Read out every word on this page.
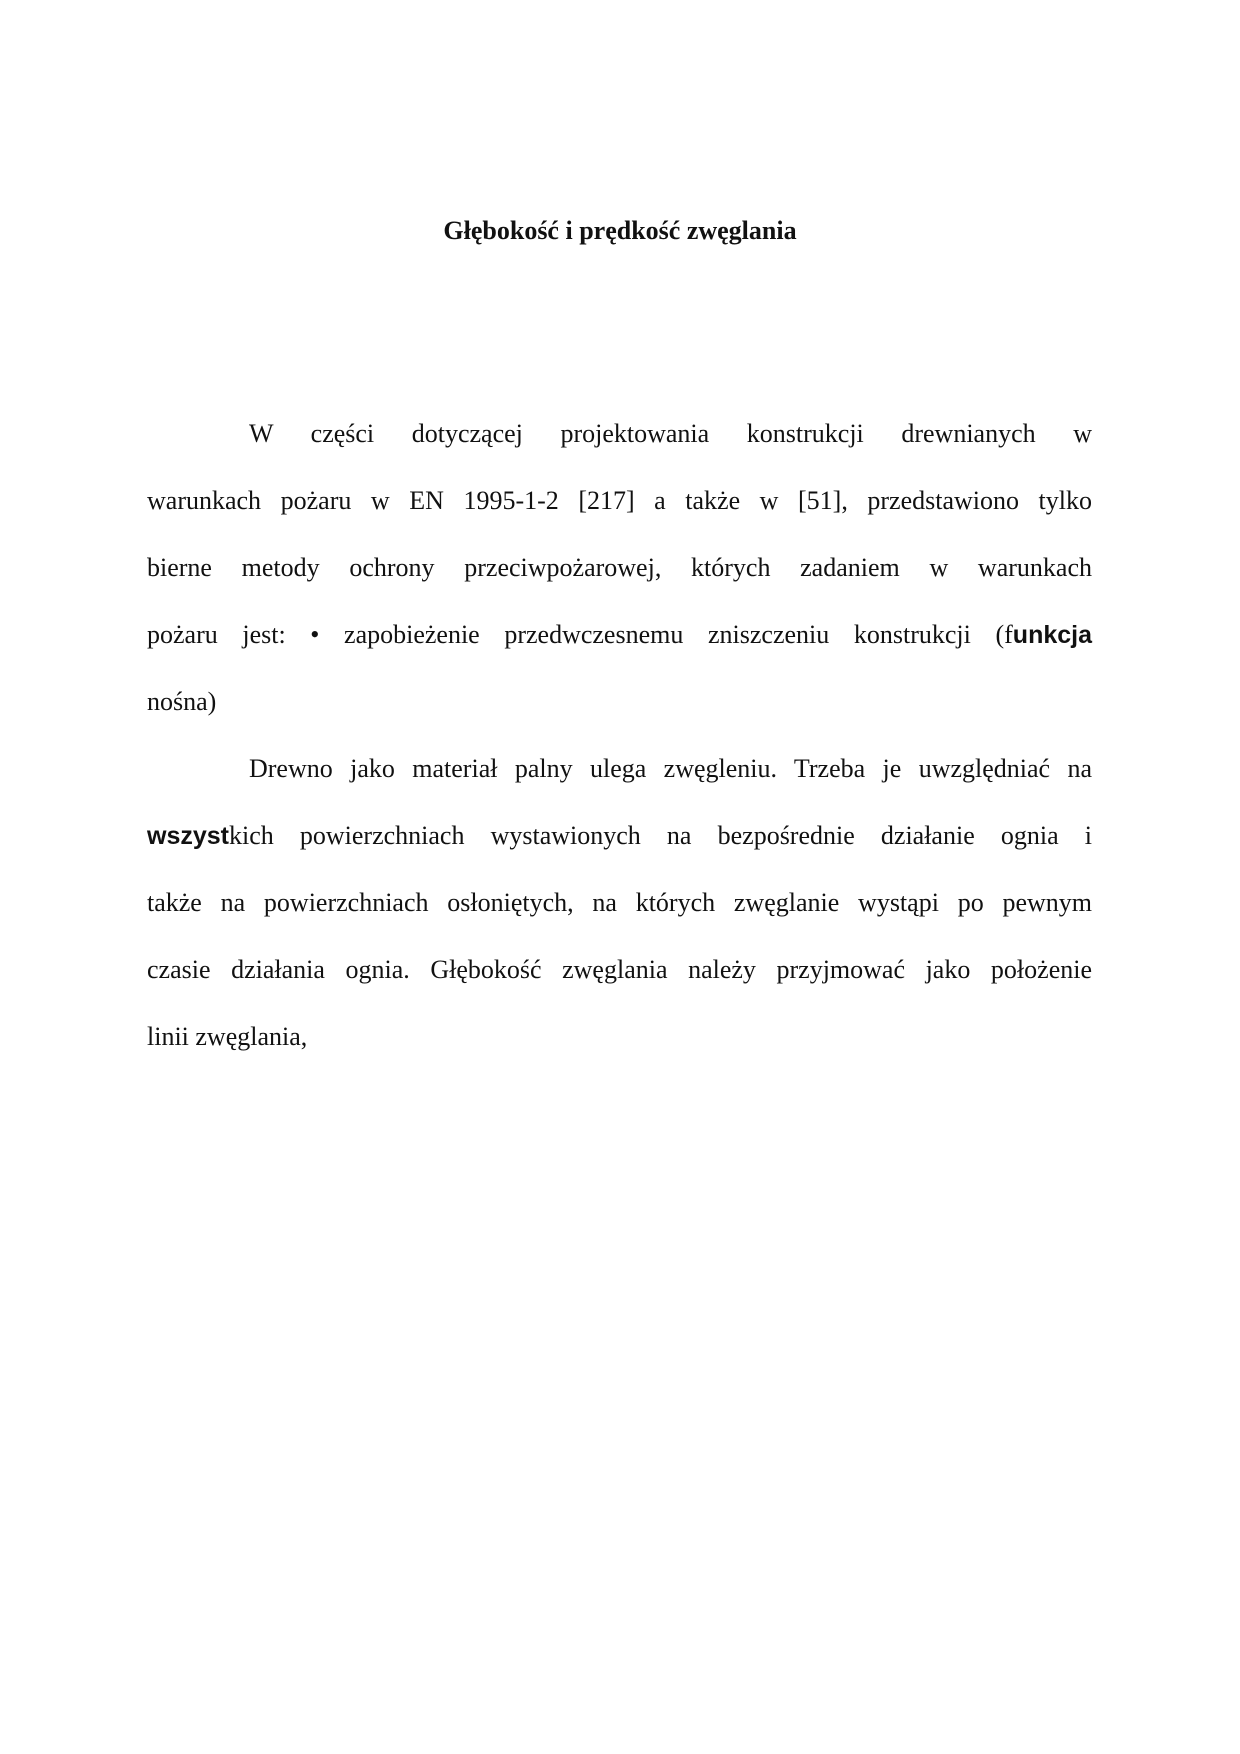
Głębokość i prędkość zwęglania
W części dotyczącej projektowania konstrukcji drewnianych w
warunkach pożaru w EN 1995-1-2 [217] a także w [51], przedstawiono tylko
bierne metody ochrony przeciwpożarowej, których zadaniem w warunkach
pożaru jest: • zapobieżenie przedwczesnemu zniszczeniu konstrukcji (funkcja
nośna)
Drewno jako materiał palny ulega zwęgleniu. Trzeba je uwzględniać na
wszystkich powierzchniach wystawionych na bezpośrednie działanie ognia i
także na powierzchniach osłoniętych, na których zwęglanie wystąpi po pewnym
czasie działania ognia. Głębokość zwęglania należy przyjmować jako położenie
linii zwęglania,
